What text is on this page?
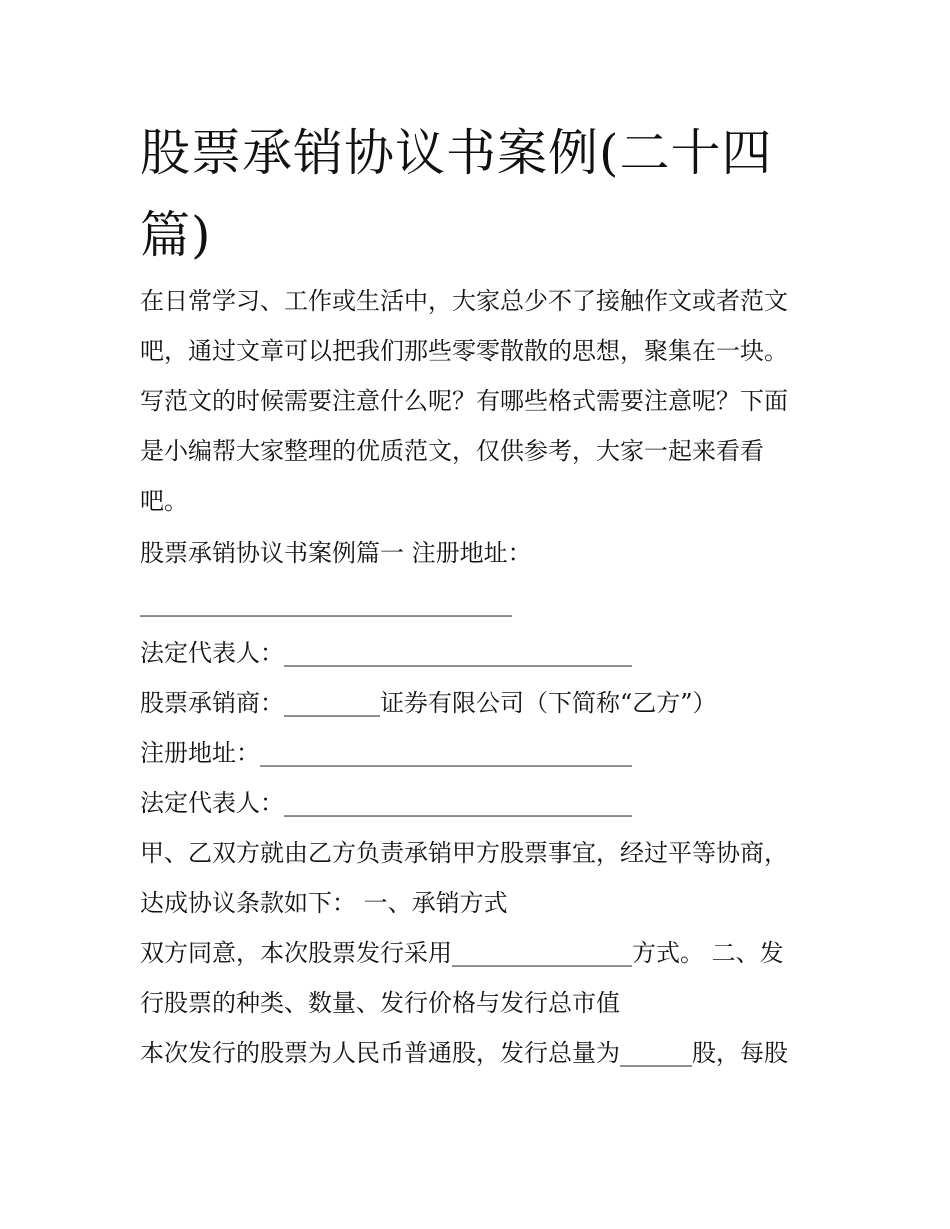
股票承销协议书案例(二十四篇)
在日常学习、工作或生活中，大家总少不了接触作文或者范文
吧，通过文章可以把我们那些零零散散的思想，聚集在一块。
写范文的时候需要注意什么呢？有哪些格式需要注意呢？下面
是小编帮大家整理的优质范文，仅供参考，大家一起来看看
吧。
股票承销协议书案例篇一 注册地址：
_______________________________
法定代表人：_____________________________
股票承销商：________证券有限公司（下简称“乙方”）
注册地址：_______________________________
法定代表人：_____________________________
甲、乙双方就由乙方负责承销甲方股票事宜，经过平等协商，
达成协议条款如下： 一、承销方式
双方同意，本次股票发行采用_______________方式。 二、发
行股票的种类、数量、发行价格与发行总市值
本次发行的股票为人民币普通股，发行总量为______股，每股
